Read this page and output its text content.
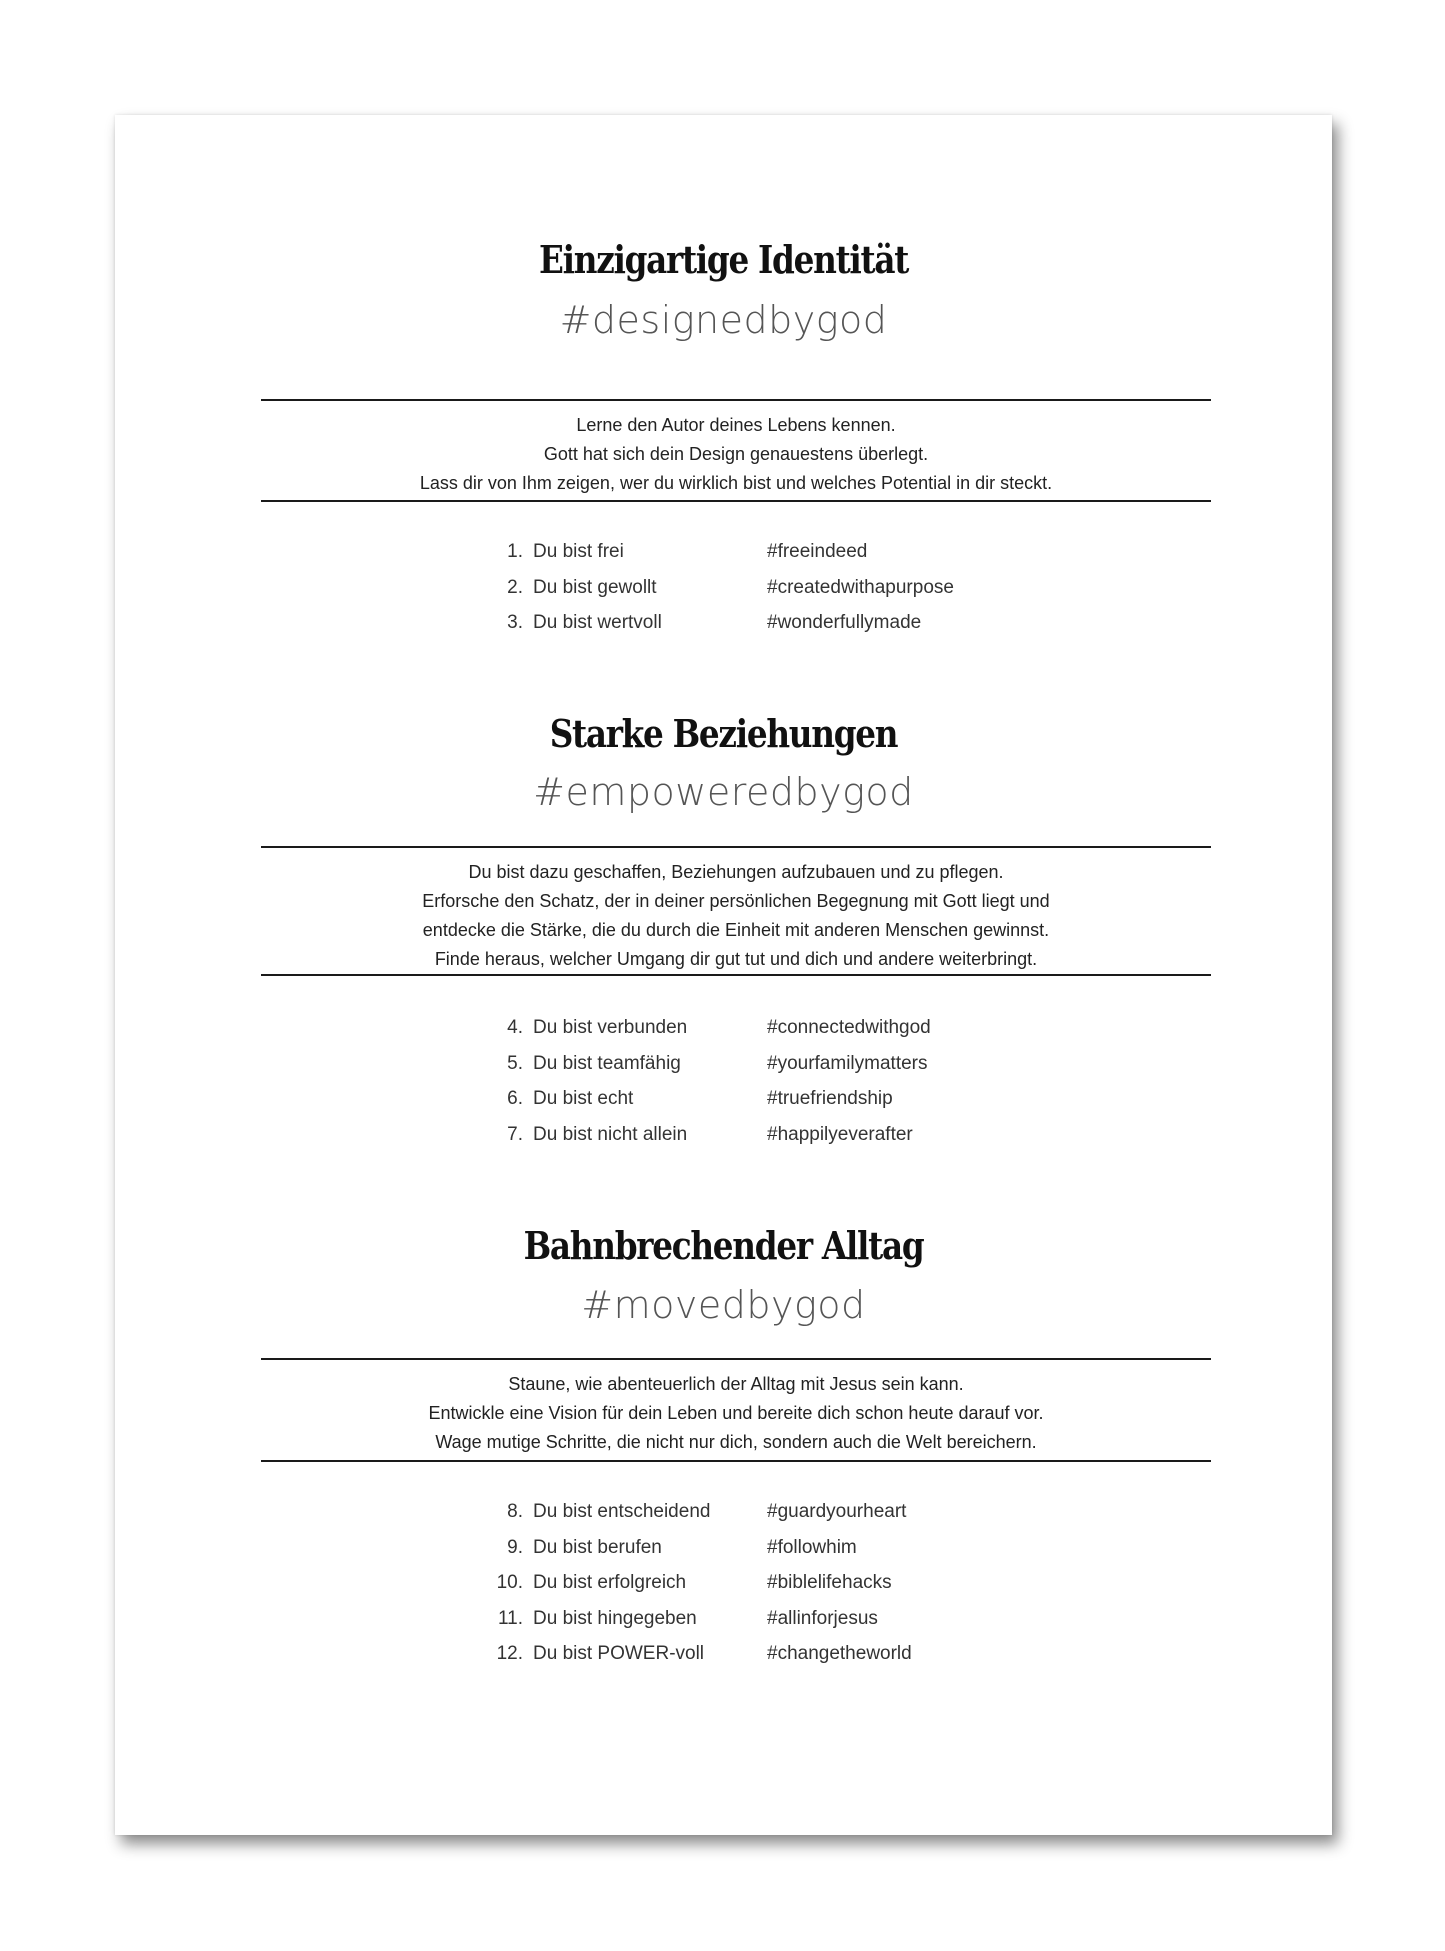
Einzigartige Identität
#designedbygod
Lerne den Autor deines Lebens kennen.
Gott hat sich dein Design genauestens überlegt.
Lass dir von Ihm zeigen, wer du wirklich bist und welches Potential in dir steckt.
1. Du bist frei	#freeindeed
2. Du bist gewollt	#createdwithapurpose
3. Du bist wertvoll	#wonderfullymade
Starke Beziehungen
#empoweredbygod
Du bist dazu geschaffen, Beziehungen aufzubauen und zu pflegen.
Erforsche den Schatz, der in deiner persönlichen Begegnung mit Gott liegt und
entdecke die Stärke, die du durch die Einheit mit anderen Menschen gewinnst.
Finde heraus, welcher Umgang dir gut tut und dich und andere weiterbringt.
4. Du bist verbunden	#connectedwithgod
5. Du bist teamfähig	#yourfamilymatters
6. Du bist echt	#truefriendship
7. Du bist nicht allein	#happilyeverafter
Bahnbrechender Alltag
#movedbygod
Staune, wie abenteuerlich der Alltag mit Jesus sein kann.
Entwickle eine Vision für dein Leben und bereite dich schon heute darauf vor.
Wage mutige Schritte, die nicht nur dich, sondern auch die Welt bereichern.
8. Du bist entscheidend	#guardyourheart
9. Du bist berufen	#followhim
10. Du bist erfolgreich	#biblelifehacks
11. Du bist hingegeben	#allinforjesus
12. Du bist POWER-voll	#changetheworld
